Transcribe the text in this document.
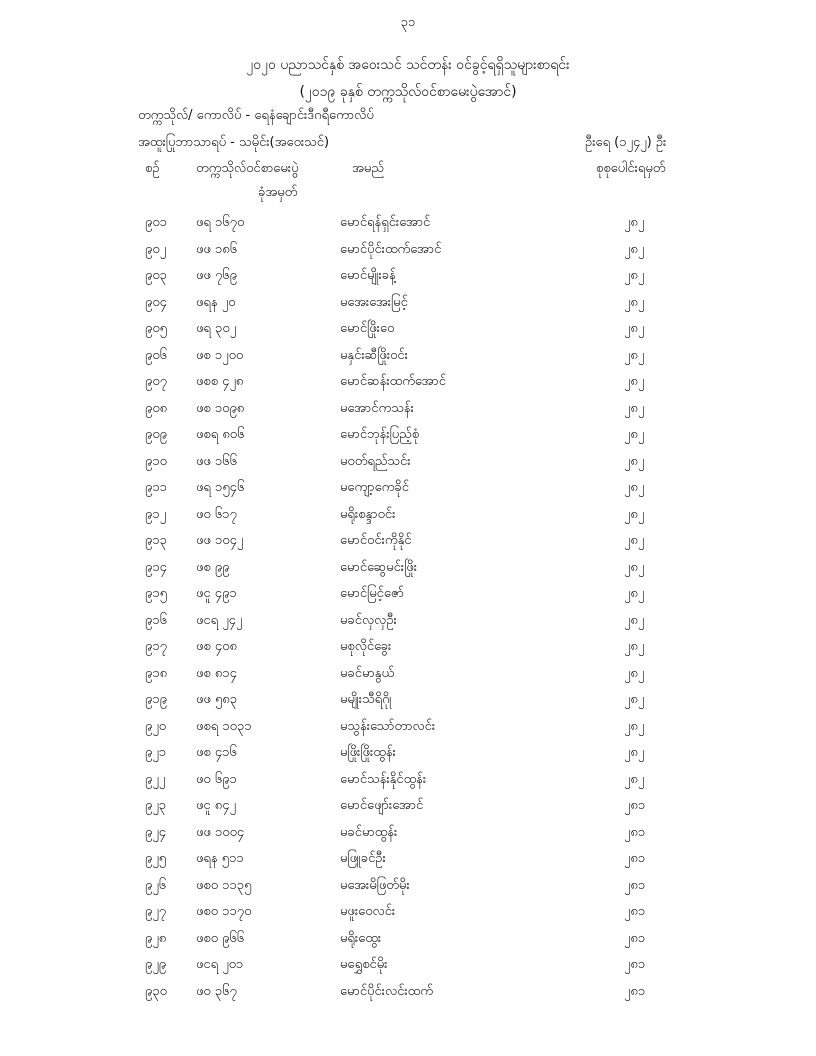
၃၁
၂၀၂၀ ပညာသင်နှစ် အဝေးသင် သင်တန်း ဝင်ခွင့်ရရှိသူများစာရင်း
(၂၀၁၉ ခုနှစ် တက္ကသိုလ်ဝင်စာမေးပွဲအောင်)
တက္ကသိုလ်/ ကောလိပ် - ရေနံချောင်းဒီဂရီကောလိပ်
အထူးပြုဘာသာရပ် - သမိုင်း(အဝေးသင်)	ဦးရေ (၁၂၄၂) ဦး
စဉ်	တက္ကသိုလ်ဝင်စာမေးပွဲ
ခုံအမှတ်
အမည်	စုစုပေါင်းရမှတ်
၉၀၁ ဖရ ၁၆၇၀	မောင်ရန်ရှင်းအောင်	၂၈၂
၉၀၂ ဖဖ ၁၈၆	မောင်ပိုင်းထက်အောင်	၂၈၂
၉၀၃ ဖဖ ၇၆၉	မောင်မျိုးခန့်	၂၈၂
၉၀၄ ဖရန ၂၀	မအေးအေးမြင့်	၂၈၂
၉၀၅ ဖရ ၃၀၂	မောင်ဖြိုးဝေ	၂၈၂
၉၀၆ ဖစ ၁၂၀၀	မနှင်းဆီဖြိုးဝင်း	၂၈၂
၉၀၇ ဖစစ ၄၂၈	မောင်ဆန်းထက်အောင်	၂၈၂
၉၀၈ ဖစ ၁၀၉၈	မအောင်ကသန်း	၂၈၂
၉၀၉ ဖစရ ၈၀၆	မောင်ဘုန်းပြည့်စုံ	၂၈၂
၉၁၀ ဖဖ ၁၆၆	မဝတ်ရည်သင်း	၂၈၂
၉၁၁ ဖရ ၁၅၄၆	မကျော့ကေခိုင်	၂၈၂
၉၁၂ ဖဝ ၆၁၇	မရိုးစန္ဒာဝင်း	၂၈၂
၉၁၃ ဖဖ ၁၀၄၂	မောင်ဝင်းကိုနိုင်	၂၈၂
၉၁၄ ဖစ ၉၉	မောင်ဆွေမင်းဖြိုး	၂၈၂
၉၁၅ ဖငူ ၄၉၁	မောင်မြင့်ဇော်	၂၈၂
၉၁၆ ဖငရ ၂၄၂	မခင်လှလှဦး	၂၈၂
၉၁၇ ဖစ ၄၀၈	မစုလိုင်ခွေး	၂၈၂
၉၁၈ ဖစ ၈၁၄	မခင်မာနွယ်	၂၈၂
၉၁၉ ဖဖ ၅၈၃	မမျိုးသီရိဂိုု	၂၈၂
၉၂၀ ဖစရ ၁၀၃၁	မသွန်းသော်တာလင်း	၂၈၂
၉၂၁ ဖစ ၄၁၆	မဖြိုးဖြိုးထွန်း	၂၈၂
၉၂၂ ဖဝ ၆၉၁	မောင်သန်းနိုင်ထွန်း	၂၈၂
၉၂၃ ဖငူ ၈၄၂	မောင်ဖျော်းအောင်	၂၈၁
၉၂၄ ဖဖ ၁၀၀၄	မခင်မာထွန်း	၂၈၁
၉၂၅ ဖရန ၅၁၁	မဖြူခင်ဦး	၂၈၁
၉၂၆ ဖစဝ ၁၁၃၅	မအေးမိဖြတ်မိုး	၂၈၁
၉၂၇ ဖစဝ ၁၁၇၀	မဖူးဝေလင်း	၂၈၁
၉၂၈ ဖစဝ ၉၆၆	မရိုးထွေး	၂၈၁
၉၂၉ ဖငရ ၂၀၁	မရွှေစင်မိုး	၂၈၁
၉၃၀ ဖဝ ၃၆၇	မောင်ပိုင်းလင်းထက်	၂၈၁
